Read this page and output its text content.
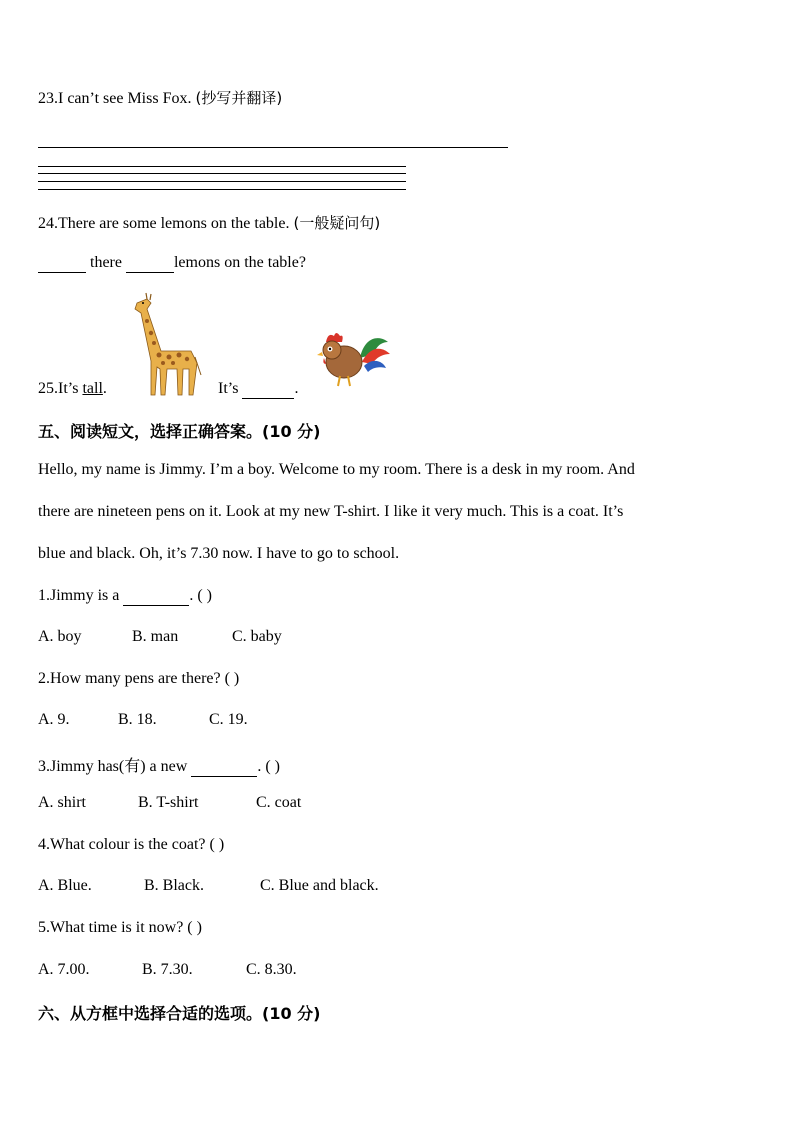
23.I can’t see Miss Fox. (抄写并翻译)
24.There are some lemons on the table. (一般疑问句)
there	lemons on the table?
25.It’s tall.	It’s	.
五、阅读短文，选择正确答案。(10 分)
Hello, my name is Jimmy. I’m a boy. Welcome to my room. There is a desk in my room. And
there are nineteen pens on it. Look at my new T-shirt. I like it very much. This is a coat. It’s
blue and black. Oh, it’s 7.30 now. I have to go to school.
1.Jimmy is a	. ( )
A. boy	B. man	C. baby
2.How many pens are there? ( )
A. 9.	B. 18.	C. 19.
3.Jimmy has(有) a new	. ( )
A. shirt	B. T-shirt	C. coat
4.What colour is the coat? ( )
A. Blue.	B. Black.	C. Blue and black.
5.What time is it now? ( )
A. 7.00.	B. 7.30.	C. 8.30.
六、从方框中选择合适的选项。(10 分)
